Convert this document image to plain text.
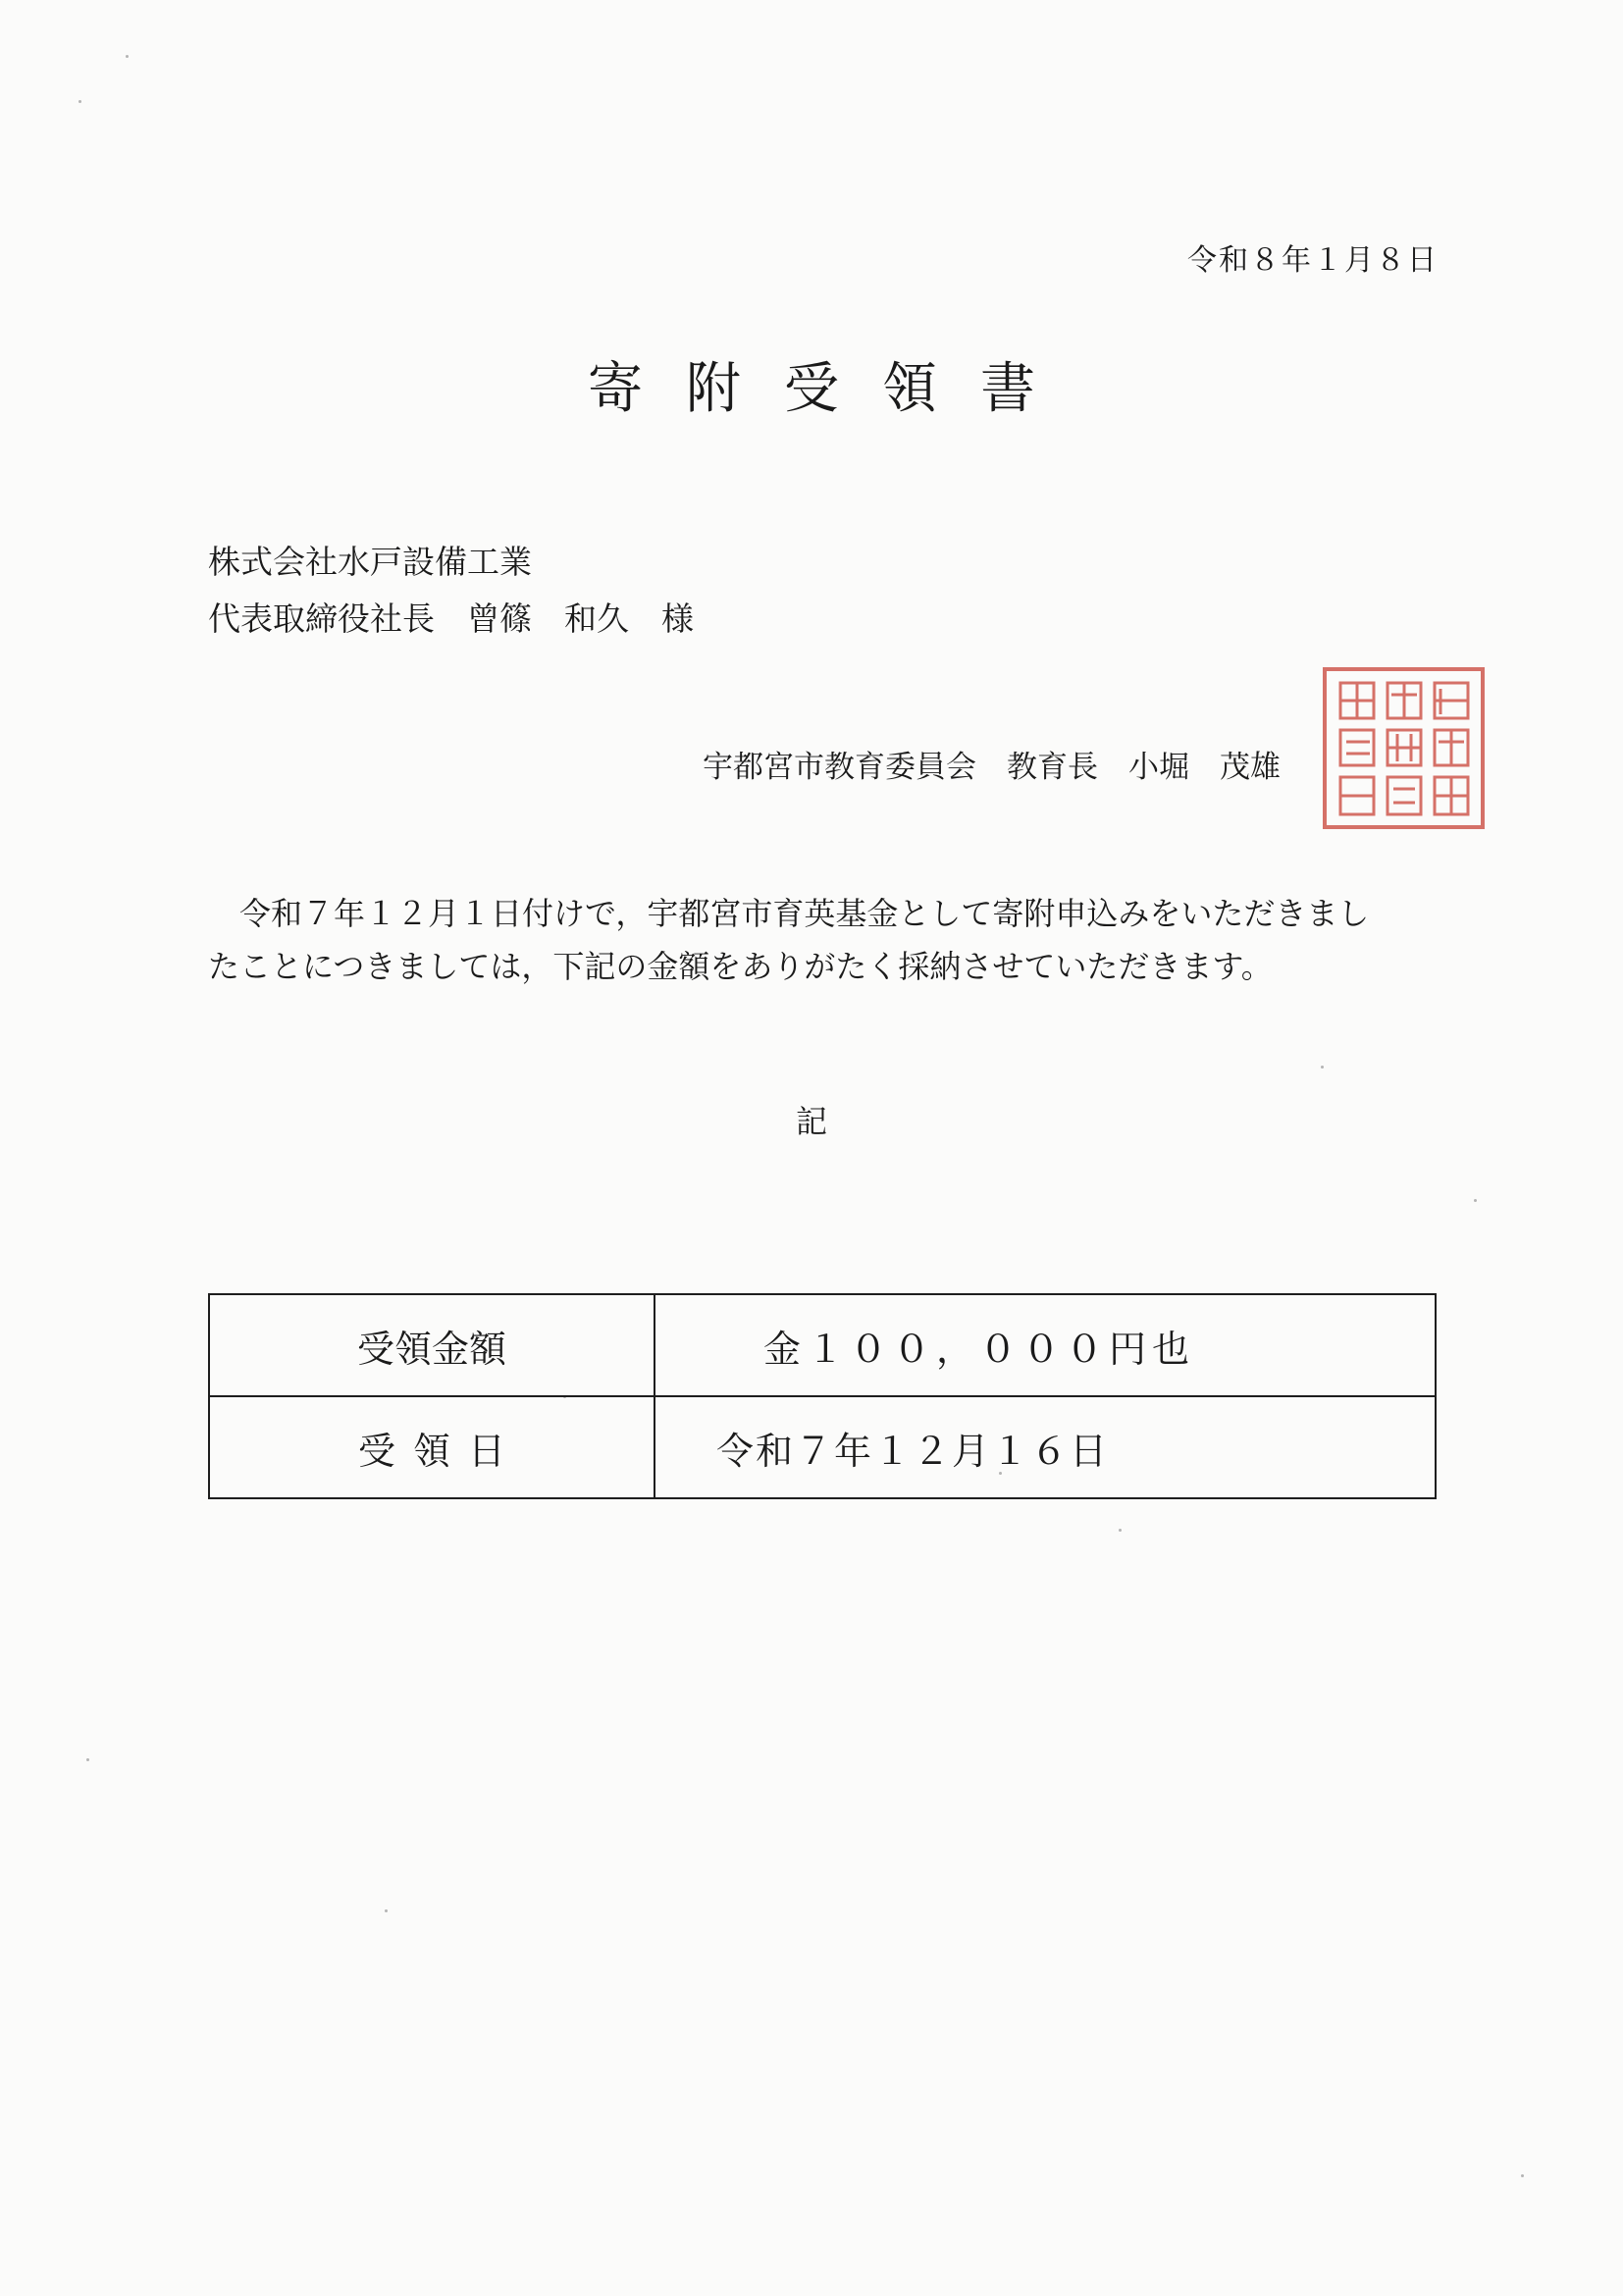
令和８年１月８日
寄附受領書
株式会社水戸設備工業
代表取締役社長　曾篠　和久　様
宇都宮市教育委員会　教育長　小堀　茂雄
　令和７年１２月１日付けで，宇都宮市育英基金として寄附申込みをいただきまし
たことにつきましては，下記の金額をありがたく採納させていただきます。
記
受領金額	金１００，０００円也
受領日	令和７年１２月１６日
